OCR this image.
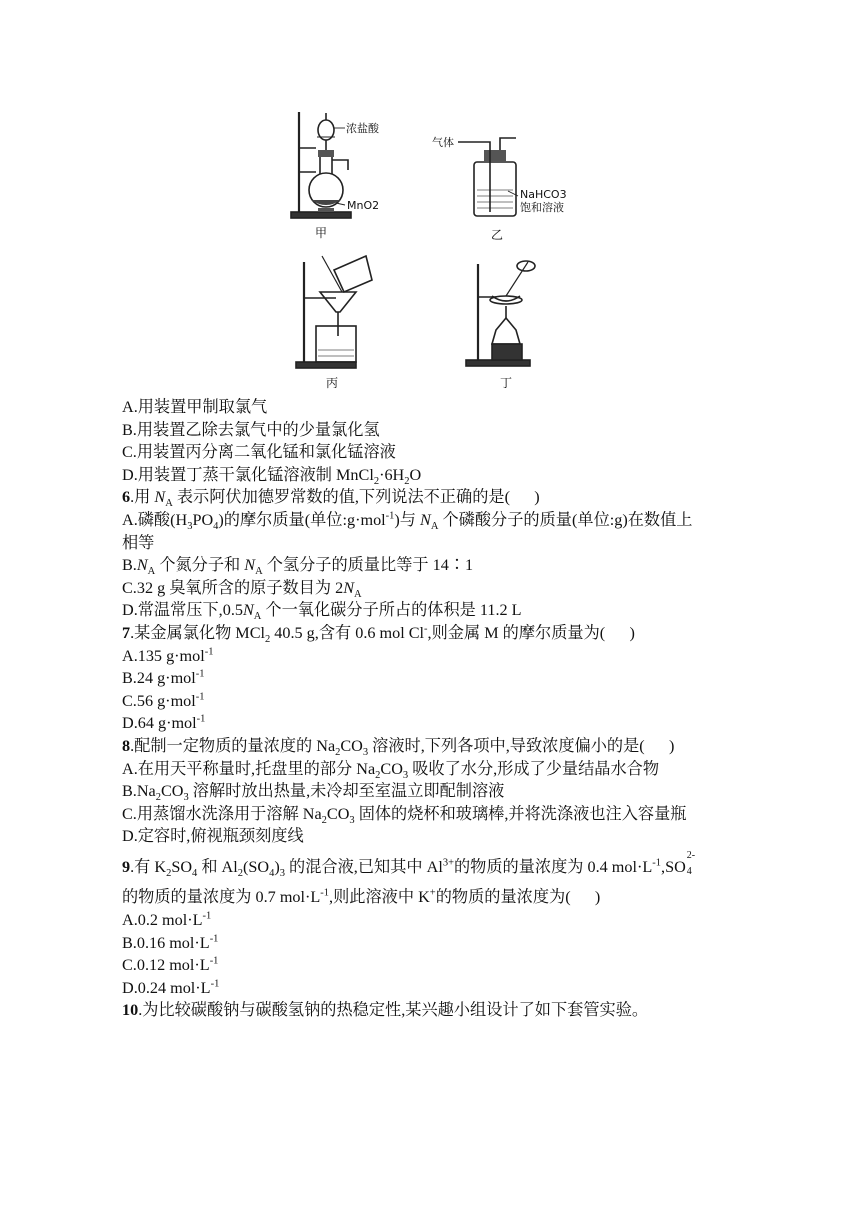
浓盐酸
MnO2
甲
气体
NaHCO3
饱和溶液
乙
丙	丁
A.用装置甲制取氯气
B.用装置乙除去氯气中的少量氯化氢
C.用装置丙分离二氧化锰和氯化锰溶液
D.用装置丁蒸干氯化锰溶液制 $MnCl_2\cdot 6H_2O$
6.用 $N_A$ 表示阿伏加德罗常数的值,下列说法不正确的是(   )
A.磷酸$(H_3PO_4)$的摩尔质量(单位:g·mol$^{-1}$)与 $N_A$ 个磷酸分子的质量(单位:g)在数值上
相等
$B.N_A$ 个氮分子和 $N_A$ 个氢分子的质量比等于 14∶1
C.32 g 臭氧所含的原子数目为 $2N_A$
D.常温常压下$,0.5N_A$ 个一氧化碳分子所占的体积是 11.2 L
7.某金属氯化物 MCl$_2$ 40.5 g,含有 0.6 mol Cl-,则金属 M 的摩尔质量为(   )
A.135 g·mol$^{-1}$
B.24 g·mol$^{-1}$
C.56 g·mol$^{-1}$
D.64 g·mol$^{-1}$
8.配制一定物质的量浓度的 $Na_2CO_3$ 溶液时,下列各项中,导致浓度偏小的是(   )
A.在用天平称量时,托盘里的部分 $Na_2CO_3$ 吸收了水分,形成了少量结晶水合物
$B.Na_2CO_3$ 溶解时放出热量,未冷却至室温立即配制溶液
C.用蒸馏水洗涤用于溶解 $Na_2CO_3$ 固体的烧杯和玻璃棒,并将洗涤液也注入容量瓶
D.定容时,俯视瓶颈刻度线
9.有 $K_2SO_4$ 和 $Al_2(SO_4)_3$ 的混合液,已知其中 $Al^{3+}$的物质的量浓度为 0.4 $mol\cdot L^{-1},SO$
2-
4
的物质的量浓度为 0.7 $mol\cdot L^{-1}$,则此溶液中 K+的物质的量浓度为(   )
A.0.2 $mol\cdot L^{-1}$
B.0.16 $mol\cdot L^{-1}$
C.0.12 $mol\cdot L^{-1}$
D.0.24 $mol\cdot L^{-1}$
10.为比较碳酸钠与碳酸氢钠的热稳定性,某兴趣小组设计了如下套管实验。
